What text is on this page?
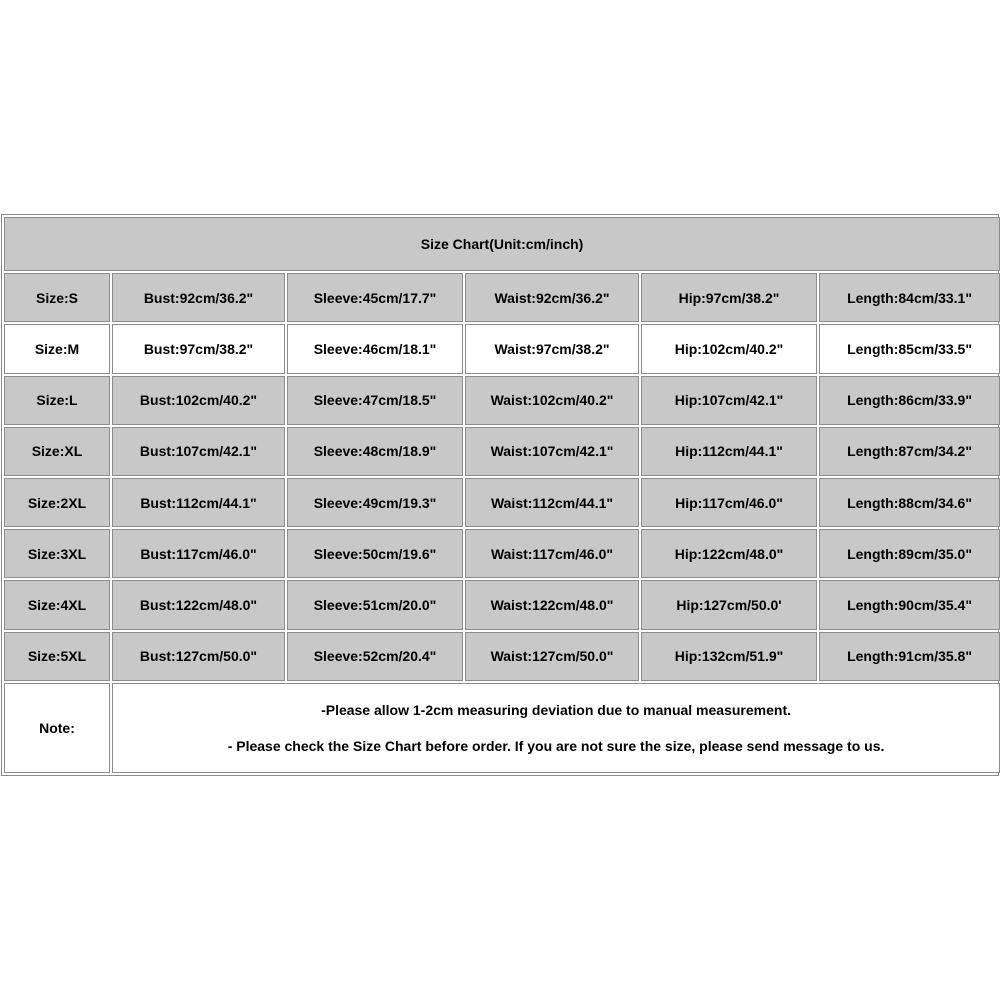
Size Chart(Unit:cm/inch)					
Size:S	Bust:92cm/36.2"	Sleeve:45cm/17.7"	Waist:92cm/36.2"	Hip:97cm/38.2"	Length:84cm/33.1"
Size:M	Bust:97cm/38.2"	Sleeve:46cm/18.1"	Waist:97cm/38.2"	Hip:102cm/40.2"	Length:85cm/33.5"
Size:L	Bust:102cm/40.2"	Sleeve:47cm/18.5"	Waist:102cm/40.2"	Hip:107cm/42.1"	Length:86cm/33.9"
Size:XL	Bust:107cm/42.1"	Sleeve:48cm/18.9"	Waist:107cm/42.1"	Hip:112cm/44.1"	Length:87cm/34.2"
Size:2XL	Bust:112cm/44.1"	Sleeve:49cm/19.3"	Waist:112cm/44.1"	Hip:117cm/46.0"	Length:88cm/34.6"
Size:3XL	Bust:117cm/46.0"	Sleeve:50cm/19.6"	Waist:117cm/46.0"	Hip:122cm/48.0"	Length:89cm/35.0"
Size:4XL	Bust:122cm/48.0"	Sleeve:51cm/20.0"	Waist:122cm/48.0"	Hip:127cm/50.0'	Length:90cm/35.4"
Size:5XL	Bust:127cm/50.0"	Sleeve:52cm/20.4"	Waist:127cm/50.0"	Hip:132cm/51.9"	Length:91cm/35.8"
Note:	-Please allow 1-2cm measuring deviation due to manual measurement.
- Please check the Size Chart before order. If you are not sure the size, please send message to us.				
